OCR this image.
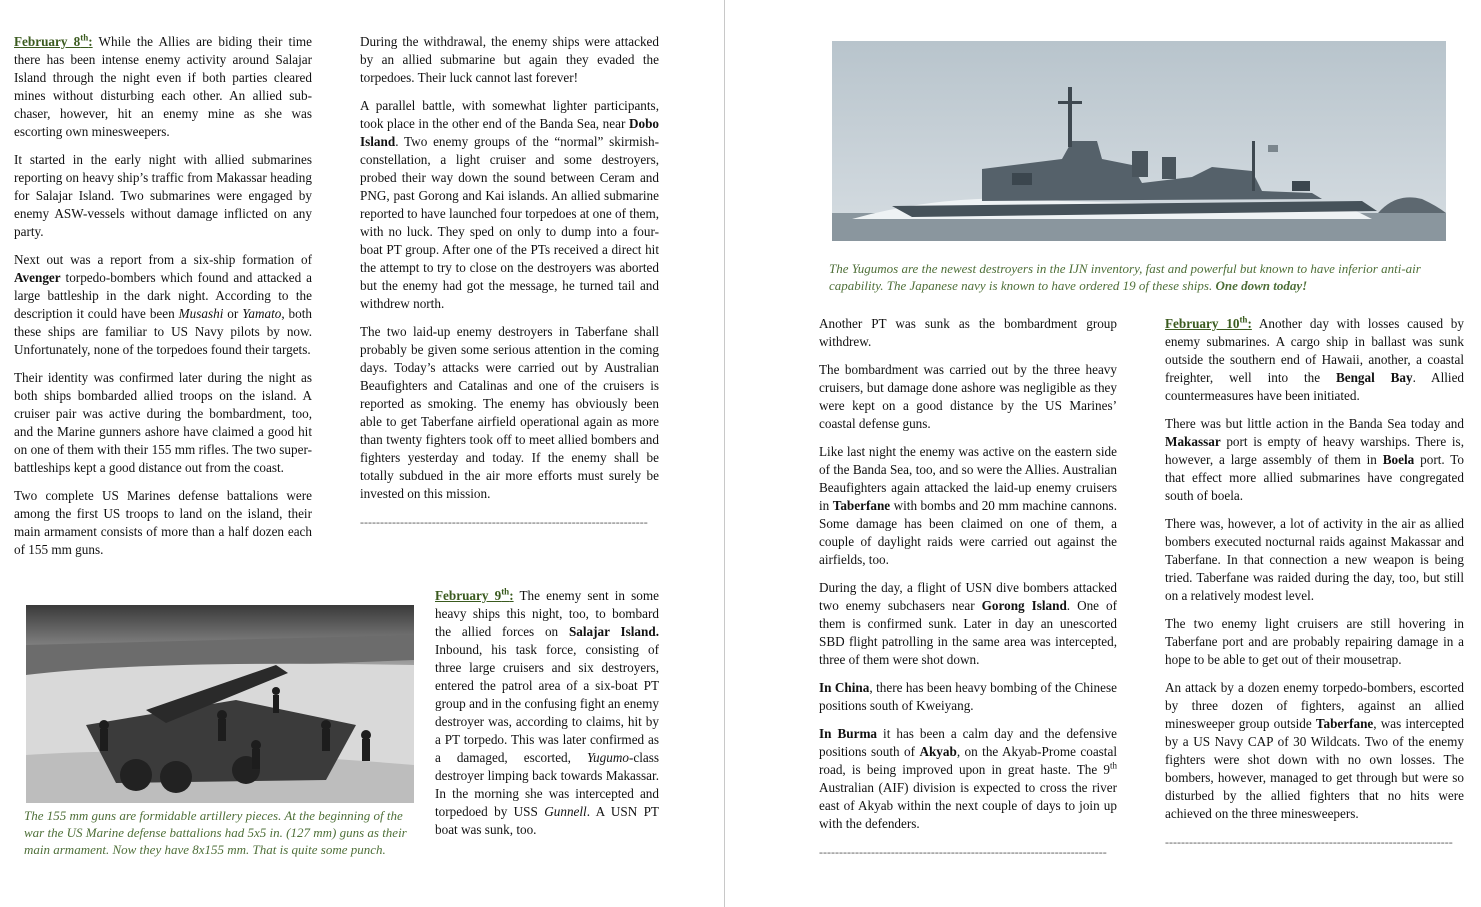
February 8th: While the Allies are biding their time there has been intense enemy activity around Salajar Island through the night even if both parties cleared mines without disturbing each other. An allied sub-chaser, however, hit an enemy mine as she was escorting own minesweepers.

It started in the early night with allied submarines reporting on heavy ship’s traffic from Makassar heading for Salajar Island. Two submarines were engaged by enemy ASW-vessels without damage inflicted on any party.

Next out was a report from a six-ship formation of Avenger torpedo-bombers which found and attacked a large battleship in the dark night. According to the description it could have been Musashi or Yamato, both these ships are familiar to US Navy pilots by now. Unfortunately, none of the torpedoes found their targets.

Their identity was confirmed later during the night as both ships bombarded allied troops on the island. A cruiser pair was active during the bombardment, too, and the Marine gunners ashore have claimed a good hit on one of them with their 155 mm rifles. The two super-battleships kept a good distance out from the coast.

Two complete US Marines defense battalions were among the first US troops to land on the island, their main armament consists of more than a half dozen each of 155 mm guns.

The 155 mm guns are formidable artillery pieces. At the beginning of the war the US Marine defense battalions had 5x5 in. (127 mm) guns as their main armament. Now they have 8x155 mm. That is quite some punch.

During the withdrawal, the enemy ships were attacked by an allied submarine but again they evaded the torpedoes. Their luck cannot last forever!

A parallel battle, with somewhat lighter participants, took place in the other end of the Banda Sea, near Dobo Island. Two enemy groups of the “normal” skirmish-constellation, a light cruiser and some destroyers, probed their way down the sound between Ceram and PNG, past Gorong and Kai islands. An allied submarine reported to have launched four torpedoes at one of them, with no luck. They sped on only to dump into a four-boat PT group. After one of the PTs received a direct hit the attempt to try to close on the destroyers was aborted but the enemy had got the message, he turned tail and withdrew north.

The two laid-up enemy destroyers in Taberfane shall probably be given some serious attention in the coming days. Today’s attacks were carried out by Australian Beaufighters and Catalinas and one of the cruisers is reported as smoking. The enemy has obviously been able to get Taberfane airfield operational again as more than twenty fighters took off to meet allied bombers and fighters yesterday and today. If the enemy shall be totally subdued in the air more efforts must surely be invested on this mission.

------------------------------------------------------------------------

February 9th: The enemy sent in some heavy ships this night, too, to bombard the allied forces on Salajar Island. Inbound, his task force, consisting of three large cruisers and six destroyers, entered the patrol area of a six-boat PT group and in the confusing fight an enemy destroyer was, according to claims, hit by a PT torpedo. This was later confirmed as a damaged, escorted, Yugumo-class destroyer limping back towards Makassar. In the morning she was intercepted and torpedoed by USS Gunnell. A USN PT boat was sunk, too.

The Yugumos are the newest destroyers in the IJN inventory, fast and powerful but known to have inferior anti-air capability. The Japanese navy is known to have ordered 19 of these ships. One down today!

Another PT was sunk as the bombardment group withdrew.

The bombardment was carried out by the three heavy cruisers, but damage done ashore was negligible as they were kept on a good distance by the US Marines’ coastal defense guns.

Like last night the enemy was active on the eastern side of the Banda Sea, too, and so were the Allies. Australian Beaufighters again attacked the laid-up enemy cruisers in Taberfane with bombs and 20 mm machine cannons. Some damage has been claimed on one of them, a couple of daylight raids were carried out against the airfields, too.

During the day, a flight of USN dive bombers attacked two enemy subchasers near Gorong Island. One of them is confirmed sunk. Later in day an unescorted SBD flight patrolling in the same area was intercepted, three of them were shot down.

In China, there has been heavy bombing of the Chinese positions south of Kweiyang.

In Burma it has been a calm day and the defensive positions south of Akyab, on the Akyab-Prome coastal road, is being improved upon in great haste. The 9th Australian (AIF) division is expected to cross the river east of Akyab within the next couple of days to join up with the defenders.

------------------------------------------------------------------------

February 10th: Another day with losses caused by enemy submarines. A cargo ship in ballast was sunk outside the southern end of Hawaii, another, a coastal freighter, well into the Bengal Bay. Allied countermeasures have been initiated.

There was but little action in the Banda Sea today and Makassar port is empty of heavy warships. There is, however, a large assembly of them in Boela port. To that effect more allied submarines have congregated south of boela.

There was, however, a lot of activity in the air as allied bombers executed nocturnal raids against Makassar and Taberfane. In that connection a new weapon is being tried. Taberfane was raided during the day, too, but still on a relatively modest level.

The two enemy light cruisers are still hovering in Taberfane port and are probably repairing damage in a hope to be able to get out of their mousetrap.

An attack by a dozen enemy torpedo-bombers, escorted by three dozen of fighters, against an allied minesweeper group outside Taberfane, was intercepted by a US Navy CAP of 30 Wildcats. Two of the enemy fighters were shot down with no own losses. The bombers, however, managed to get through but were so disturbed by the allied fighters that no hits were achieved on the three minesweepers.

------------------------------------------------------------------------
